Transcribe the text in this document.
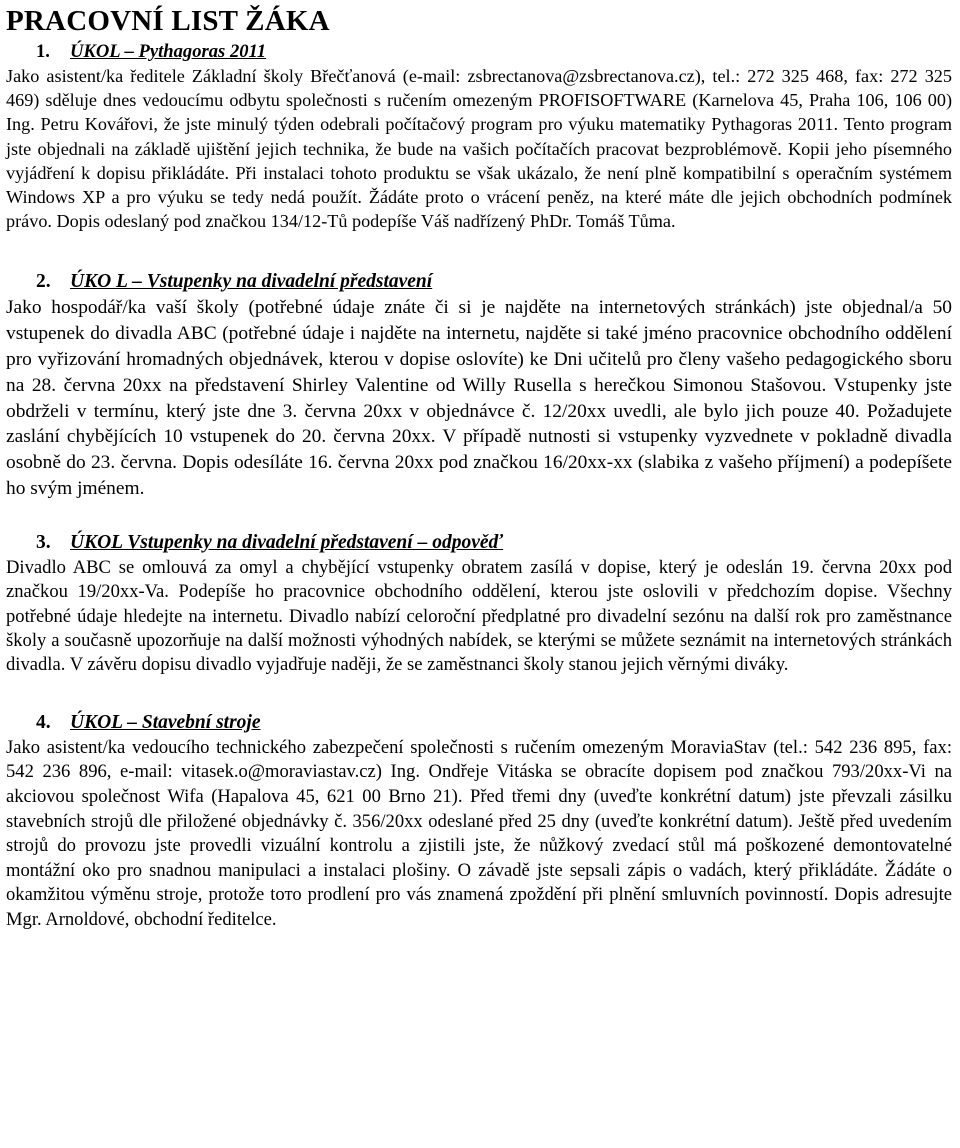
PRACOVNÍ LIST ŽÁKA

1. ÚKOL – Pythagoras 2011

Jako asistent/ka ředitele Základní školy Břečťanová (e-mail: zsbrectanova@zsbrectanova.cz), tel.: 272 325 468, fax: 272 325 469) sděluje dnes vedoucímu odbytu společnosti s ručením omezeným PROFISOFTWARE (Karnelova 45, Praha 106, 106 00) Ing. Petru Kovářovi, že jste minulý týden odebrali počítačový program pro výuku matematiky Pythagoras 2011. Tento program jste objednali na základě ujištění jejich technika, že bude na vašich počítačích pracovat bezproblémově. Kopii jeho písemného vyjádření k dopisu přikládáte. Při instalaci tohoto produktu se však ukázalo, že není plně kompatibilní s operačním systémem Windows XP a pro výuku se tedy nedá použít. Žádáte proto o vrácení peněz, na které máte dle jejich obchodních podmínek právo. Dopis odeslaný pod značkou 134/12-Tů podepíše Váš nadřízený PhDr. Tomáš Tůma.

2. ÚKO L – Vstupenky na divadelní představení

Jako hospodář/ka vaší školy (potřebné údaje znáte či si je najděte na internetových stránkách) jste objednal/a 50 vstupenek do divadla ABC (potřebné údaje i najděte na internetu, najděte si také jméno pracovnice obchodního oddělení pro vyřizování hromadných objednávek, kterou v dopise oslovíte) ke Dni učitelů pro členy vašeho pedagogického sboru na 28. června 20xx na představení Shirley Valentine od Willy Rusella s herečkou Simonou Stašovou. Vstupenky jste obdrželi v termínu, který jste dne 3. června 20xx v objednávce č. 12/20xx uvedli, ale bylo jich pouze 40. Požadujete zaslání chybějících 10 vstupenek do 20. června 20xx. V případě nutnosti si vstupenky vyzvednete v pokladně divadla osobně do 23. června. Dopis odesíláte 16. června 20xx pod značkou 16/20xx-xx (slabika z vašeho příjmení) a podepíšete ho svým jménem.

3. ÚKOL Vstupenky na divadelní představení – odpověď

Divadlo ABC se omlouvá za omyl a chybějící vstupenky obratem zasílá v dopise, který je odeslán 19. června 20xx pod značkou 19/20xx-Va. Podepíše ho pracovnice obchodního oddělení, kterou jste oslovili v předchozím dopise. Všechny potřebné údaje hledejte na internetu. Divadlo nabízí celoroční předplatné pro divadelní sezónu na další rok pro zaměstnance školy a současně upozorňuje na další možnosti výhodných nabídek, se kterými se můžete seznámit na internetových stránkách divadla. V závěru dopisu divadlo vyjadřuje naději, že se zaměstnanci školy stanou jejich věrnými diváky.

4. ÚKOL – Stavební stroje

Jako asistent/ka vedoucího technického zabezpečení společnosti s ručením omezeným MoraviaStav (tel.: 542 236 895, fax: 542 236 896, e-mail: vitasek.o@moraviastav.cz) Ing. Ondřeje Vitáska se obracíte dopisem pod značkou 793/20xx-Vi na akciovou společnost Wifa (Hapalova 45, 621 00 Brno 21). Před třemi dny (uveďte konkrétní datum) jste převzali zásilku stavebních strojů dle přiložené objednávky č. 356/20xx odeslané před 25 dny (uveďte konkrétní datum). Ještě před uvedením strojů do provozu jste provedli vizuální kontrolu a zjistili jste, že nůžkový zvedací stůl má poškozené demontovatelné montážní oko pro snadnou manipulaci a instalaci plošiny. O závadě jste sepsali zápis o vadách, který přikládáte. Žádáte o okamžitou výměnu stroje, protože tото prodlení pro vás znamená zpoždění při plnění smluvních povinností. Dopis adresujte Mgr. Arnoldové, obchodní ředitelce.
